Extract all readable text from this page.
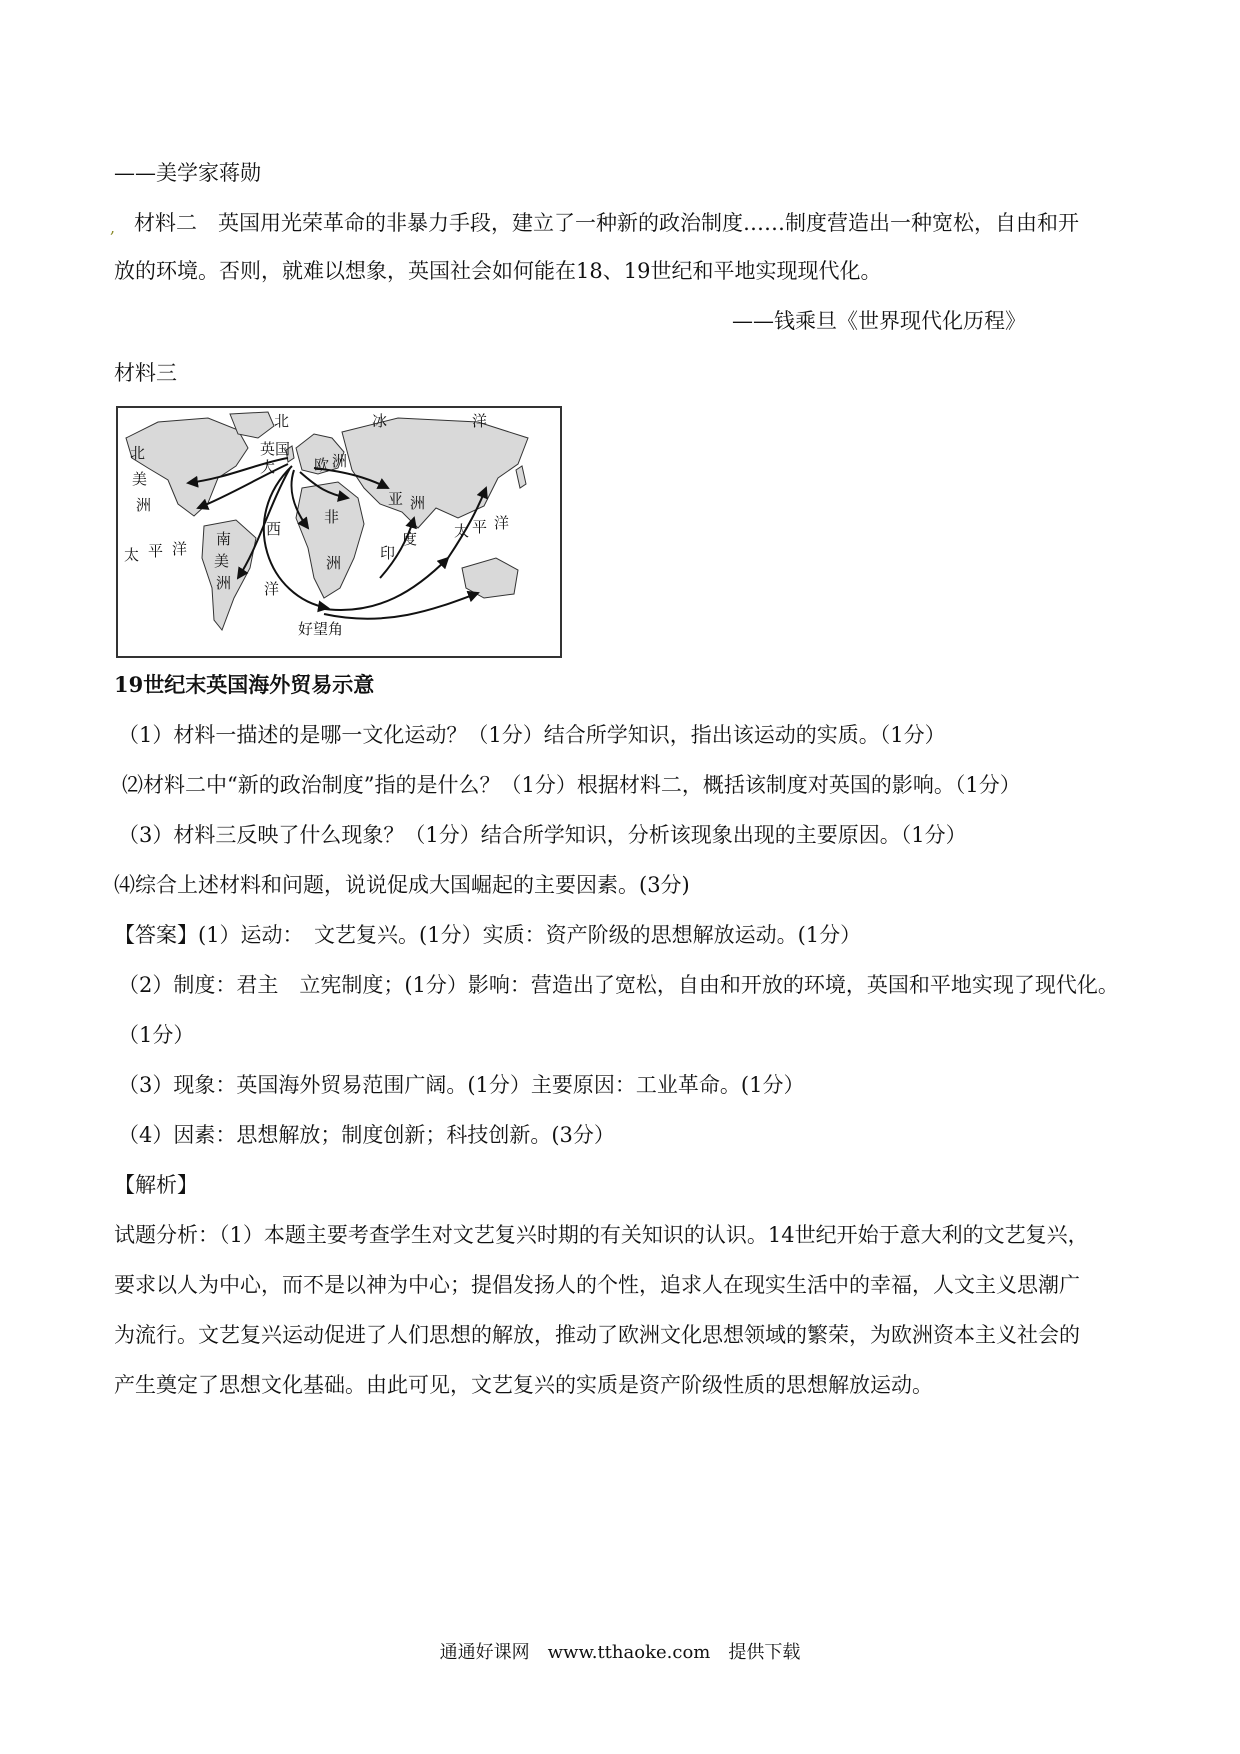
——美学家蒋勋
, 材料二　英国用光荣革命的非暴力手段，建立了一种新的政治制度……制度营造出一种宽松，自由和开
放的环境。否则，就难以想象，英国社会如何能在18、19世纪和平地实现现代化。
——钱乘旦《世界现代化历程》
材料三
北	冰	洋
北
美
洲
大
英国
欧 洲
亚 洲
非
洲
西
南
美
洲
印
度
洋
太 平 洋
太 平 洋
好望角
19世纪末英国海外贸易示意
（1）材料一描述的是哪一文化运动？（1分）结合所学知识，指出该运动的实质。（1分）
⑵材料二中“新的政治制度”指的是什么？（1分）根据材料二，概括该制度对英国的影响。（1分）
（3）材料三反映了什么现象？（1分）结合所学知识，分析该现象出现的主要原因。（1分）
⑷综合上述材料和问题，说说促成大国崛起的主要因素。(3分)
【答案】(1）运动：　文艺复兴。(1分）实质：资产阶级的思想解放运动。(1分）
（2）制度：君主　立宪制度；(1分）影响：营造出了宽松，自由和开放的环境，英国和平地实现了现代化。
（1分）
（3）现象：英国海外贸易范围广阔。(1分）主要原因：工业革命。(1分）
（4）因素：思想解放；制度创新；科技创新。(3分）
【解析】
试题分析：（1）本题主要考查学生对文艺复兴时期的有关知识的认识。14世纪开始于意大利的文艺复兴，
要求以人为中心，而不是以神为中心；提倡发扬人的个性，追求人在现实生活中的幸福，人文主义思潮广
为流行。文艺复兴运动促进了人们思想的解放，推动了欧洲文化思想领域的繁荣，为欧洲资本主义社会的
产生奠定了思想文化基础。由此可见，文艺复兴的实质是资产阶级性质的思想解放运动。
通通好课网　www.tthaoke.com　提供下载
